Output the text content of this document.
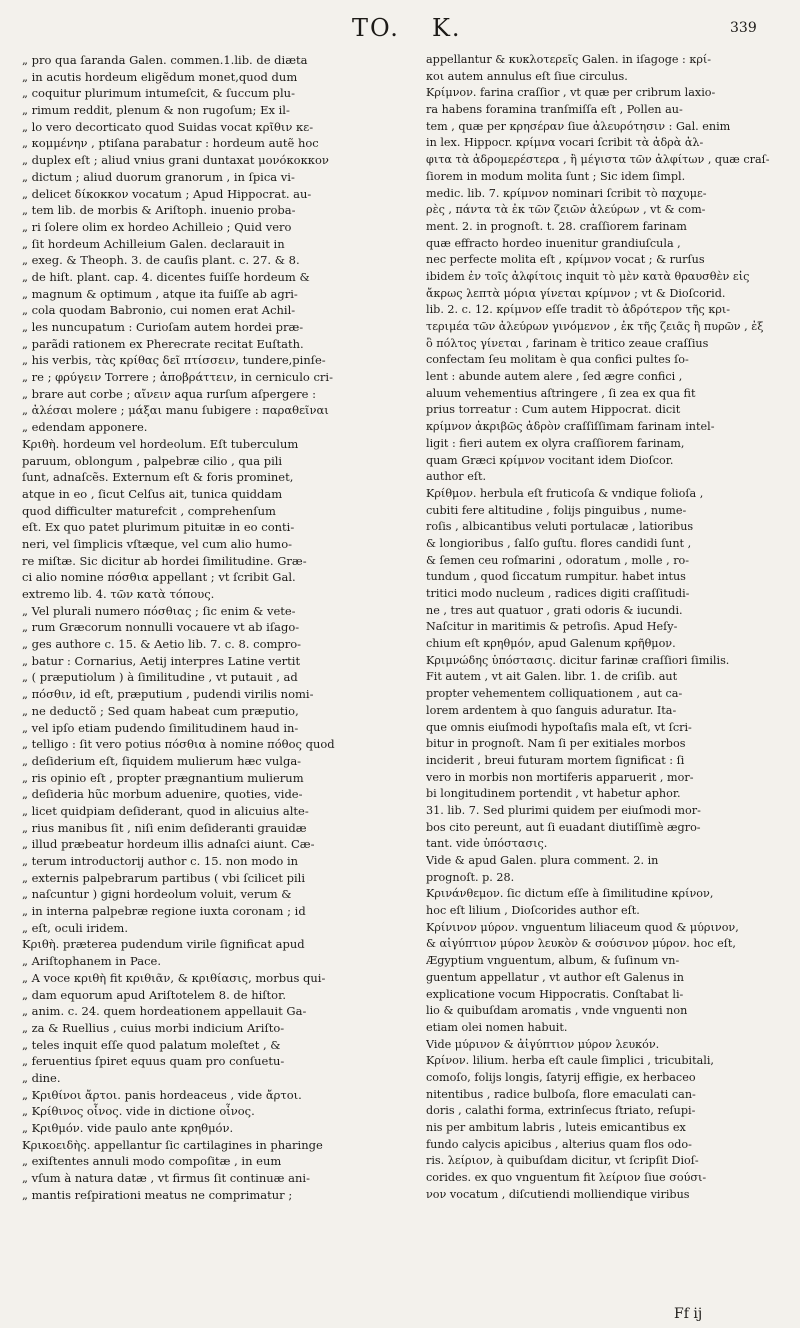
TO. K.	339
„ pro qua ſaranda Galen. commen.1.lib. de diæta
„ in acutis hordeum eligẽdum monet,quod dum
„ coquitur plurimum intumeſcit, & ſuccum plu-
„ rimum reddit, plenum & non rugoſum; Ex il-
„ lo vero decorticato quod Suidas vocat κρῖθιν κε-
„ κομμένην , ptiſana parabatur : hordeum autẽ hoc
„ duplex eſt ; aliud vnius grani duntaxat μονόκοκκον
„ dictum ; aliud duorum granorum , in ſpica vi-
„ delicet δίκοκκον vocatum ; Apud Hippocrat. au-
„ tem lib. de morbis & Ariſtoph. inuenio proba-
„ ri ſolere olim ex hordeo Achilleio ; Quid vero
„ ſit hordeum Achilleium Galen. declarauit in
„ exeg. & Theoph. 3. de cauſis plant. c. 27. & 8.
„ de hiſt. plant. cap. 4. dicentes fuiſſe hordeum &
„ magnum & optimum , atque ita fuiſſe ab agri-
„ cola quodam Babronio, cui nomen erat Achil-
„ les nuncupatum : Curioſam autem hordei præ-
„ parãdi rationem ex Pherecrate recitat Euſtath.
„ his verbis, τὰς κρίθας δεῖ πτίσσειν, tundere,pinſe-
„ re ; φρύγειν Torrere ; ἀποβράττειν, in cerniculo cri-
„ brare aut corbe ; αἴνειν aqua rurſum aſpergere :
„ ἀλέσαι molere ; μάξαι manu ſubigere : παραθεῖναι
„ edendam apponere.
Κριθὴ. hordeum vel hordeolum. Eſt tuberculum
paruum, oblongum , palpebræ cilio , qua pili
ſunt, adnaſcẽs. Externum eſt & foris prominet,
atque in eo , ſicut Celſus ait, tunica quiddam
quod difficulter maturefcit , comprehenſum
eſt. Ex quo patet plurimum pituitæ in eo conti-
neri, vel ſimplicis vſtæque, vel cum alio humo-
re miſtæ. Sic dicitur ab hordei ſimilitudine. Græ-
ci alio nomine πόσθια appellant ; vt ſcribit Gal.
extremo lib. 4. τῶν κατὰ τόπους.
„ Vel plurali numero πόσθιας ; ſic enim & vete-
„ rum Græcorum nonnulli vocauere vt ab iſago-
„ ges authore c. 15. & Aetio lib. 7. c. 8. compro-
„ batur : Cornarius, Aetij interpres Latine vertit
„ ( præputiolum ) à ſimilitudine , vt putauit , ad
„ πόσθιν, id eſt, præputium , pudendi virilis nomi-
„ ne deductõ ; Sed quam habeat cum præputio,
„ vel ipſo etiam pudendo ſimilitudinem haud in-
„ telligo : ſit vero potius πόσθια à nomine πόθος quod
„ deſiderium eſt, ſiquidem mulierum hæc vulga-
„ ris opinio eſt , propter prægnantium mulierum
„ deſideria hũc morbum aduenire, quoties, vide-
„ licet quidpiam deſiderant, quod in alicuius alte-
„ rius manibus ſit , niſi enim deſideranti grauidæ
„ illud præbeatur hordeum illis adnaſci aiunt. Cæ-
„ terum introductorij author c. 15. non modo in
„ externis palpebrarum partibus ( vbi ſcilicet pili
„ naſcuntur ) gigni hordeolum voluit, verum &
„ in interna palpebræ regione iuxta coronam ; id
„ eſt, oculi iridem.
Κριθὴ. præterea pudendum virile ſignificat apud
„ Ariſtophanem in Pace.
„ A voce κριθὴ fit κριθιᾶν, & κριθίασις, morbus qui-
„ dam equorum apud Ariſtotelem 8. de hiſtor.
„ anim. c. 24. quem hordeationem appellauit Ga-
„ za & Ruellius , cuius morbi indicium Ariſto-
„ teles inquit eſſe quod palatum moleſtet , &
„ feruentius ſpiret equus quam pro conſuetu-
„ dine.
„ Κριθίνοι ἄρτοι. panis hordeaceus , vide ἄρτοι.
„ Κρίθινος οἶνος. vide in dictione οἶνος.
„ Κριθμόν. vide paulo ante κρηθμόν.
Κρικοειδὴς. appellantur ſic cartilagines in pharinge
„ exiſtentes annuli modo compoſitæ , in eum
„ vſum à natura datæ , vt firmus ſit continuæ ani-
„ mantis reſpirationi meatus ne comprimatur ;
appellantur & κυκλοτερεῖς Galen. in iſagoge : κρί-
κοι autem annulus eſt ſiue circulus.
Κρίμνον. farina craſſior , vt quæ per cribrum laxio-
ra habens foramina tranſmiſſa eſt , Pollen au-
tem , quæ per κρησέραν ſiue ἀλευρότησιν : Gal. enim
in lex. Hippocr. κρίμνα vocari ſcribit τὰ ἀδρὰ ἀλ-
φιτα τὰ ἀδρομερέστερα , ἢ μέγιστα τῶν ἀλφίτων , quæ craſ-
ſiorem in modum molita ſunt ; Sic idem ſimpl.
medic. lib. 7. κρίμνον nominari ſcribit τὸ παχυμε-
ρὲς , πάντα τὰ ἐκ τῶν ζειῶν ἀλεύρων , vt & com-
ment. 2. in prognoſt. t. 28. craſſiorem farinam
quæ effracto hordeo inuenitur grandiuſcula ,
nec perfecte molita eſt , κρίμνον vocat ; & rurſus
ibidem ἐν τοῖς ἀλφίτοις inquit τὸ μὲν κατὰ θραυσθὲν εἰς
ἄκρως λεπτὰ μόρια γίνεται κρίμνον ; vt & Dioſcorid.
lib. 2. c. 12. κρίμνον eſſe tradit τὸ ἀδρότερον τῆς κρι-
τεριμέα τῶν ἀλεύρων γινόμενον , ἐκ τῆς ζειᾶς ἢ πυρῶν , ἐξ
ὃ πόλτος γίνεται , farinam è tritico zeaue craſſius
confectam ſeu molitam è qua confici pultes ſo-
lent : abunde autem alere , ſed ægre confici ,
aluum vehementius aſtringere , ſi zea ex qua fit
prius torreatur : Cum autem Hippocrat. dicit
κρίμνον ἀκριβῶς ἀδρὸν craſſiſſimam farinam intel-
ligit : fieri autem ex olyra craſſiorem farinam,
quam Græci κρίμνον vocitant idem Dioſcor.
author eſt.
Κρίθμον. herbula eſt fruticoſa & vndique folioſa ,
cubiti fere altitudine , folijs pinguibus , nume-
roſis , albicantibus veluti portulacæ , latioribus
& longioribus , ſalſo guſtu. flores candidi ſunt ,
& ſemen ceu roſmarini , odoratum , molle , ro-
tundum , quod ſiccatum rumpitur. habet intus
tritici modo nucleum , radices digiti craſſitudi-
ne , tres aut quatuor , grati odoris & iucundi.
Naſcitur in maritimis & petroſis. Apud Heſy-
chium eſt κρηθμόν, apud Galenum κρῆθμον.
Κριμνώδης ὑπόστασις. dicitur farinæ craſſiori ſimilis.
Fit autem , vt ait Galen. libr. 1. de criſib. aut
propter vehementem colliquationem , aut ca-
lorem ardentem à quo ſanguis aduratur. Ita-
que omnis eiuſmodi hypoſtaſis mala eſt, vt ſcri-
bitur in prognoſt. Nam ſi per exitiales morbos
inciderit , breui futuram mortem ſignificat : ſi
vero in morbis non mortiferis apparuerit , mor-
bi longitudinem portendit , vt habetur aphor.
31. lib. 7. Sed plurimi quidem per eiuſmodi mor-
bos cito pereunt, aut ſi euadant diutiſſimè ægro-
tant. vide ὑπόστασις.
Vide & apud Galen. plura comment. 2. in
prognoſt. p. 28.
Κρινάνθεμον. ſic dictum eſſe à ſimilitudine κρίνον,
hoc eſt lilium , Dioſcorides author eſt.
Κρίνινον μύρον. vnguentum liliaceum quod & μύρινον,
& αἰγύπτιον μύρον λευκὸν & σούσινον μύρον. hoc eſt,
Ægyptium vnguentum, album, & ſuſinum vn-
guentum appellatur , vt author eſt Galenus in
explicatione vocum Hippocratis. Conſtabat li-
lio & quibuſdam aromatis , vnde vnguenti non
etiam olei nomen habuit.
Vide μύρινον & ἀἰγύπτιον μύρον λευκόν.
Κρίνον. lilium. herba eſt caule ſimplici , tricubitali,
comoſo, folijs longis, ſatyrij effigie, ex herbaceo
nitentibus , radice bulboſa, flore emaculati can-
doris , calathi forma, extrinſecus ſtriato, reſupi-
nis per ambitum labris , luteis emicantibus ex
fundo calycis apicibus , alterius quam flos odo-
ris. λείριον, à quibuſdam dicitur, vt ſcripſit Dioſ-
corides. ex quo vnguentum fit λείριον ſiue σούσι-
νον vocatum , diſcutiendi molliendique viribus
Ff ij
